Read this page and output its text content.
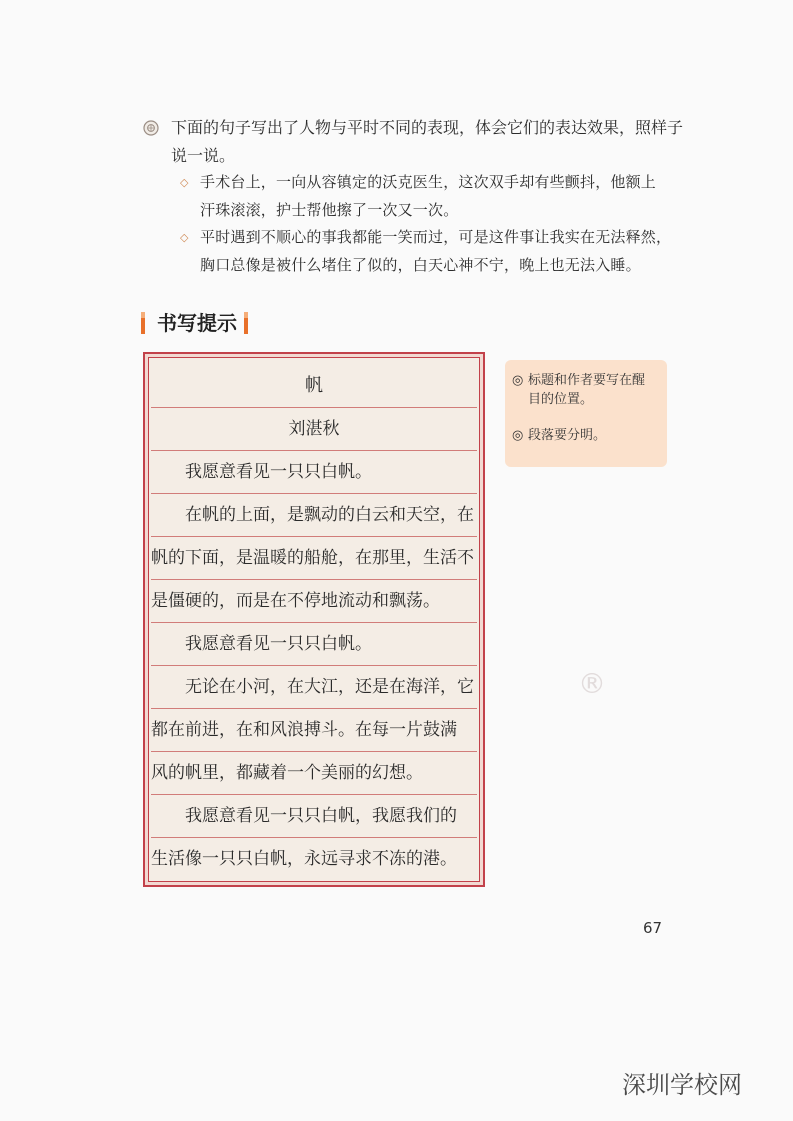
下面的句子写出了人物与平时不同的表现，体会它们的表达效果，照样子
说一说。
◇ 手术台上，一向从容镇定的沃克医生，这次双手却有些颤抖，他额上
汗珠滚滚，护士帮他擦了一次又一次。
◇ 平时遇到不顺心的事我都能一笑而过，可是这件事让我实在无法释然，
胸口总像是被什么堵住了似的，白天心神不宁，晚上也无法入睡。
书写提示
帆
刘湛秋
我愿意看见一只只白帆。
在帆的上面，是飘动的白云和天空，在
帆的下面，是温暖的船舱，在那里，生活不
是僵硬的，而是在不停地流动和飘荡。
我愿意看见一只只白帆。
无论在小河，在大江，还是在海洋，它
都在前进，在和风浪搏斗。在每一片鼓满
风的帆里，都藏着一个美丽的幻想。
我愿意看见一只只白帆，我愿我们的
生活像一只只白帆，永远寻求不冻的港。
◎ 标题和作者要写在醒
目的位置。
◎ 段落要分明。
®
67
深圳学校网
